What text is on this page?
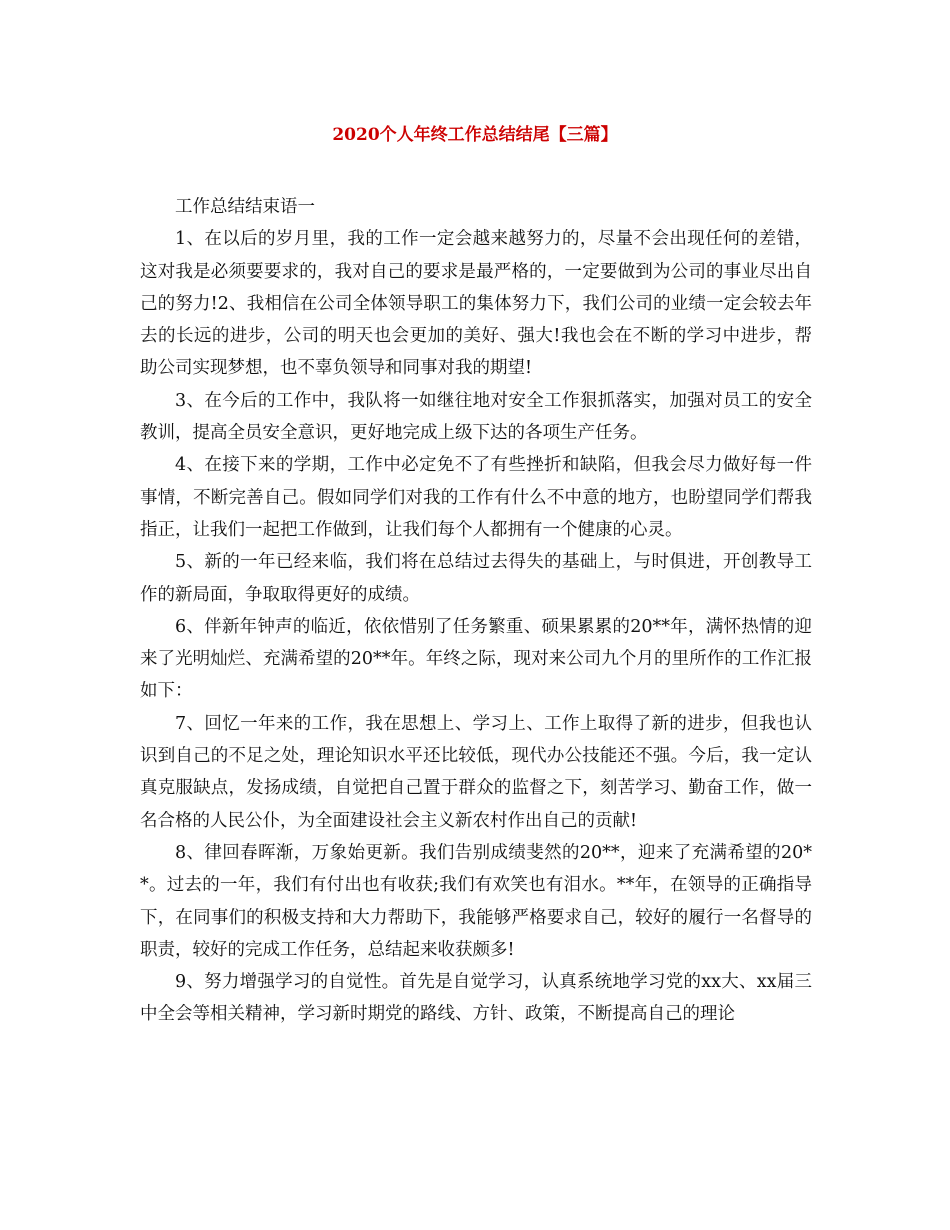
2020个人年终工作总结结尾【三篇】

工作总结结束语一

1、在以后的岁月里，我的工作一定会越来越努力的，尽量不会出现任何的差错，这对我是必须要要求的，我对自己的要求是最严格的，一定要做到为公司的事业尽出自己的努力!2、我相信在公司全体领导职工的集体努力下，我们公司的业绩一定会较去年去的长远的进步，公司的明天也会更加的美好、强大!我也会在不断的学习中进步，帮助公司实现梦想，也不辜负领导和同事对我的期望!

3、在今后的工作中，我队将一如继往地对安全工作狠抓落实，加强对员工的安全教训，提高全员安全意识，更好地完成上级下达的各项生产任务。

4、在接下来的学期，工作中必定免不了有些挫折和缺陷，但我会尽力做好每一件事情，不断完善自己。假如同学们对我的工作有什么不中意的地方，也盼望同学们帮我指正，让我们一起把工作做到，让我们每个人都拥有一个健康的心灵。

5、新的一年已经来临，我们将在总结过去得失的基础上，与时俱进，开创教导工作的新局面，争取取得更好的成绩。

6、伴新年钟声的临近，依依惜别了任务繁重、硕果累累的20**年，满怀热情的迎来了光明灿烂、充满希望的20**年。年终之际，现对来公司九个月的里所作的工作汇报如下：

7、回忆一年来的工作，我在思想上、学习上、工作上取得了新的进步，但我也认识到自己的不足之处，理论知识水平还比较低，现代办公技能还不强。今后，我一定认真克服缺点，发扬成绩，自觉把自己置于群众的监督之下，刻苦学习、勤奋工作，做一名合格的人民公仆，为全面建设社会主义新农村作出自己的贡献!

8、律回春晖渐，万象始更新。我们告别成绩斐然的20**，迎来了充满希望的20**。过去的一年，我们有付出也有收获;我们有欢笑也有泪水。**年，在领导的正确指导下，在同事们的积极支持和大力帮助下，我能够严格要求自己，较好的履行一名督导的职责，较好的完成工作任务，总结起来收获颇多!

9、努力增强学习的自觉性。首先是自觉学习，认真系统地学习党的xx大、xx届三中全会等相关精神，学习新时期党的路线、方针、政策，不断提高自己的理论
